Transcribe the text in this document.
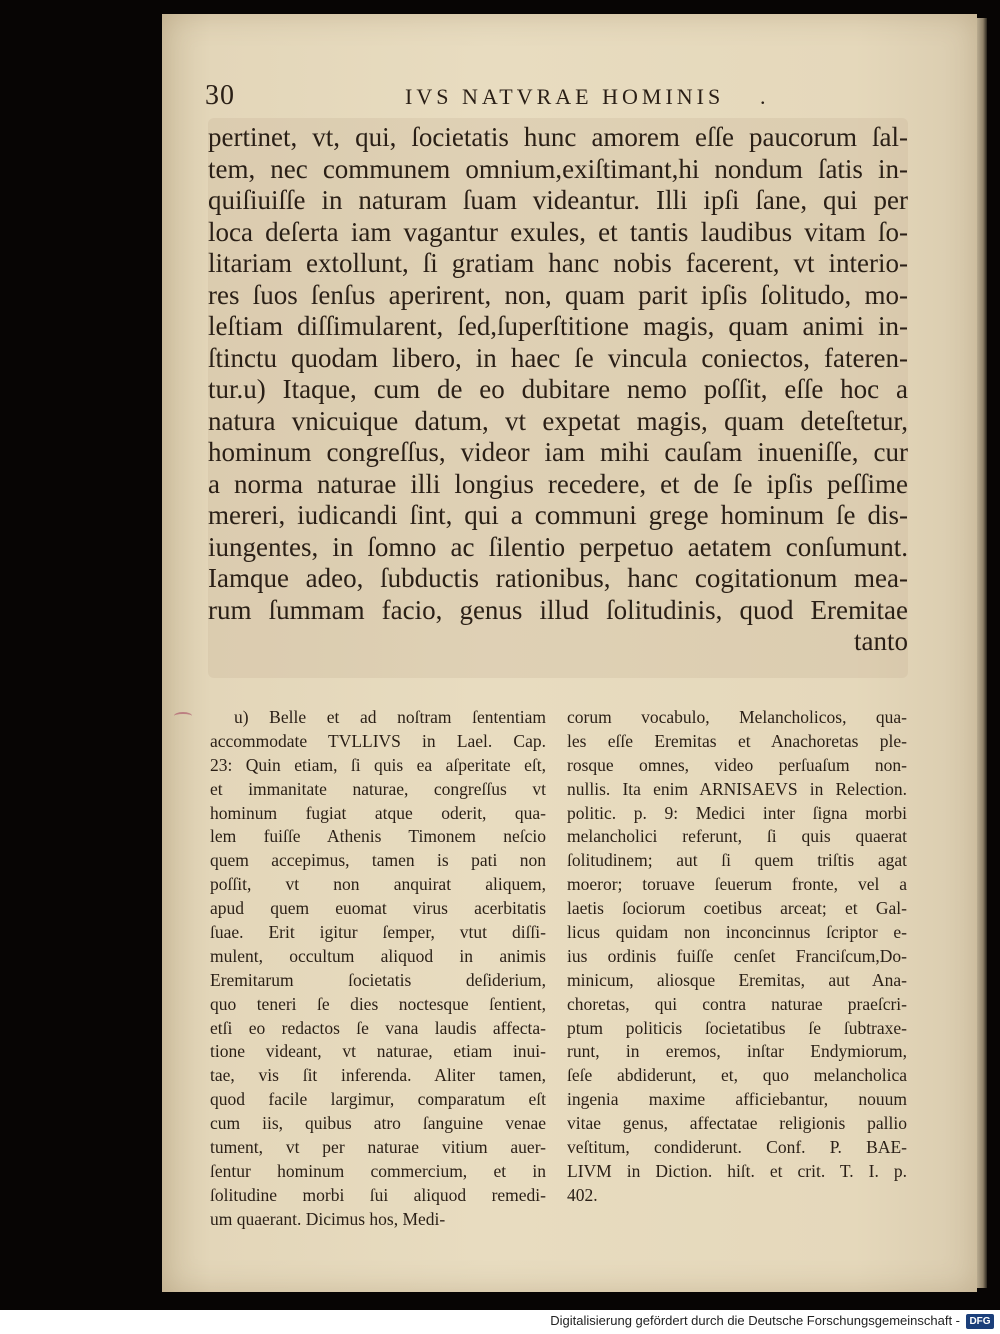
30	IVS NATVRAE HOMINIS .
pertinet, vt, qui, ſocietatis hunc amorem eſſe paucorum ſal-
tem, nec communem omnium,exiſtimant,hi nondum ſatis in-
quiſiuiſſe in naturam ſuam videantur. Illi ipſi ſane, qui per
loca deſerta iam vagantur exules, et tantis laudibus vitam ſo-
litariam extollunt, ſi gratiam hanc nobis facerent, vt interio-
res ſuos ſenſus aperirent, non, quam parit ipſis ſolitudo, mo-
leſtiam diſſimularent, ſed,ſuperſtitione magis, quam animi in-
ſtinctu quodam libero, in haec ſe vincula coniectos, fateren-
tur.u) Itaque, cum de eo dubitare nemo poſſit, eſſe hoc a
natura vnicuique datum, vt expetat magis, quam deteſtetur,
hominum congreſſus, videor iam mihi cauſam inueniſſe, cur
a norma naturae illi longius recedere, et de ſe ipſis peſſime
mereri, iudicandi ſint, qui a communi grege hominum ſe dis-
iungentes, in ſomno ac ſilentio perpetuo aetatem conſumunt.
Iamque adeo, ſubductis rationibus, hanc cogitationum mea-
rum ſummam facio, genus illud ſolitudinis, quod Eremitae
tanto
u) Belle et ad noſtram ſententiam
accommodate TVLLIVS in Lael. Cap.
23: Quin etiam, ſi quis ea aſperitate eſt,
et immanitate naturae, congreſſus vt
hominum fugiat atque oderit, qua-
lem fuiſſe Athenis Timonem neſcio
quem accepimus, tamen is pati non
poſſit, vt non anquirat aliquem,
apud quem euomat virus acerbitatis
ſuae. Erit igitur ſemper, vtut diſſi-
mulent, occultum aliquod in animis
Eremitarum ſocietatis deſiderium,
quo teneri ſe dies noctesque ſentient,
etſi eo redactos ſe vana laudis affecta-
tione videant, vt naturae, etiam inui-
tae, vis ſit inferenda. Aliter tamen,
quod facile largimur, comparatum eſt
cum iis, quibus atro ſanguine venae
tument, vt per naturae vitium auer-
ſentur hominum commercium, et in
ſolitudine morbi ſui aliquod remedi-
um quaerant. Dicimus hos, Medi-
corum vocabulo, Melancholicos, qua-
les eſſe Eremitas et Anachoretas ple-
rosque omnes, video perſuaſum non-
nullis. Ita enim ARNISAEVS in Relection.
politic. p. 9: Medici inter ſigna morbi
melancholici referunt, ſi quis quaerat
ſolitudinem; aut ſi quem triſtis agat
moeror; toruave ſeuerum fronte, vel a
laetis ſociorum coetibus arceat; et Gal-
licus quidam non inconcinnus ſcriptor e-
ius ordinis fuiſſe cenſet Franciſcum,Do-
minicum, aliosque Eremitas, aut Ana-
choretas, qui contra naturae praeſcri-
ptum politicis ſocietatibus ſe ſubtraxe-
runt, in eremos, inſtar Endymiorum,
ſeſe abdiderunt, et, quo melancholica
ingenia maxime afficiebantur, nouum
vitae genus, affectatae religionis pallio
veſtitum, condiderunt. Conf. P. BAE-
LIVM in Diction. hiſt. et crit. T. I. p.
402.
Digitalisierung gefördert durch die Deutsche Forschungsgemeinschaft - DFG
